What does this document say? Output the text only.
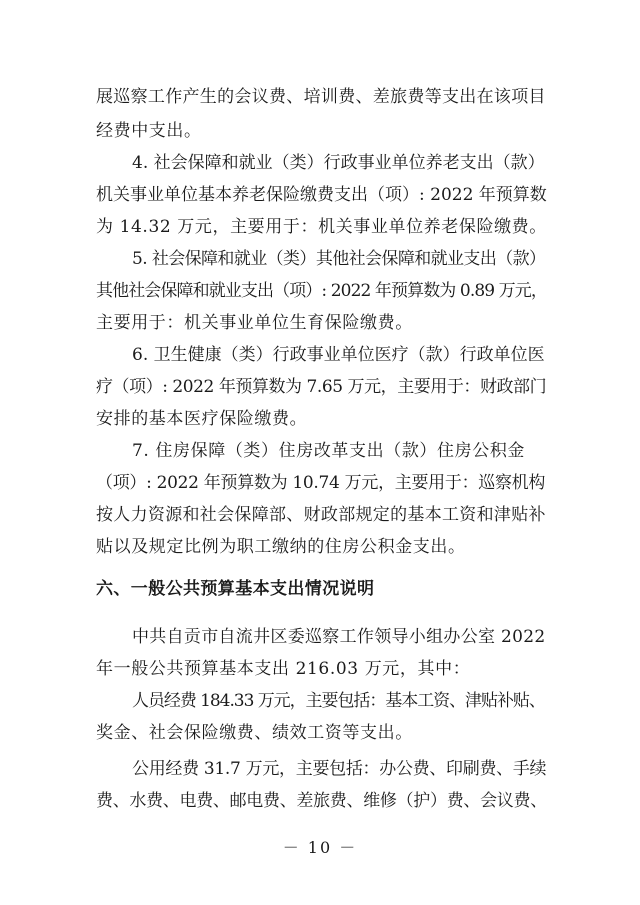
展巡察工作产生的会议费、培训费、差旅费等支出在该项目
经费中支出。
4. 社会保障和就业（类）行政事业单位养老支出（款）
机关事业单位基本养老保险缴费支出（项）: 2022 年预算数
为 14.32 万元，主要用于：机关事业单位养老保险缴费。
5. 社会保障和就业（类）其他社会保障和就业支出（款）
其他社会保障和就业支出（项）: 2022 年预算数为 0.89 万元，
主要用于：机关事业单位生育保险缴费。
6. 卫生健康（类）行政事业单位医疗（款）行政单位医
疗（项）: 2022 年预算数为 7.65 万元，主要用于：财政部门
安排的基本医疗保险缴费。
7. 住房保障（类）住房改革支出（款）住房公积金
（项）: 2022 年预算数为 10.74 万元，主要用于：巡察机构
按人力资源和社会保障部、财政部规定的基本工资和津贴补
贴以及规定比例为职工缴纳的住房公积金支出。
六、一般公共预算基本支出情况说明
中共自贡市自流井区委巡察工作领导小组办公室 2022
年一般公共预算基本支出 216.03 万元，其中：
人员经费 184.33 万元，主要包括：基本工资、津贴补贴、
奖金、社会保险缴费、绩效工资等支出。
公用经费 31.7 万元，主要包括：办公费、印刷费、手续
费、水费、电费、邮电费、差旅费、维修（护）费、会议费、
－ 10 －
